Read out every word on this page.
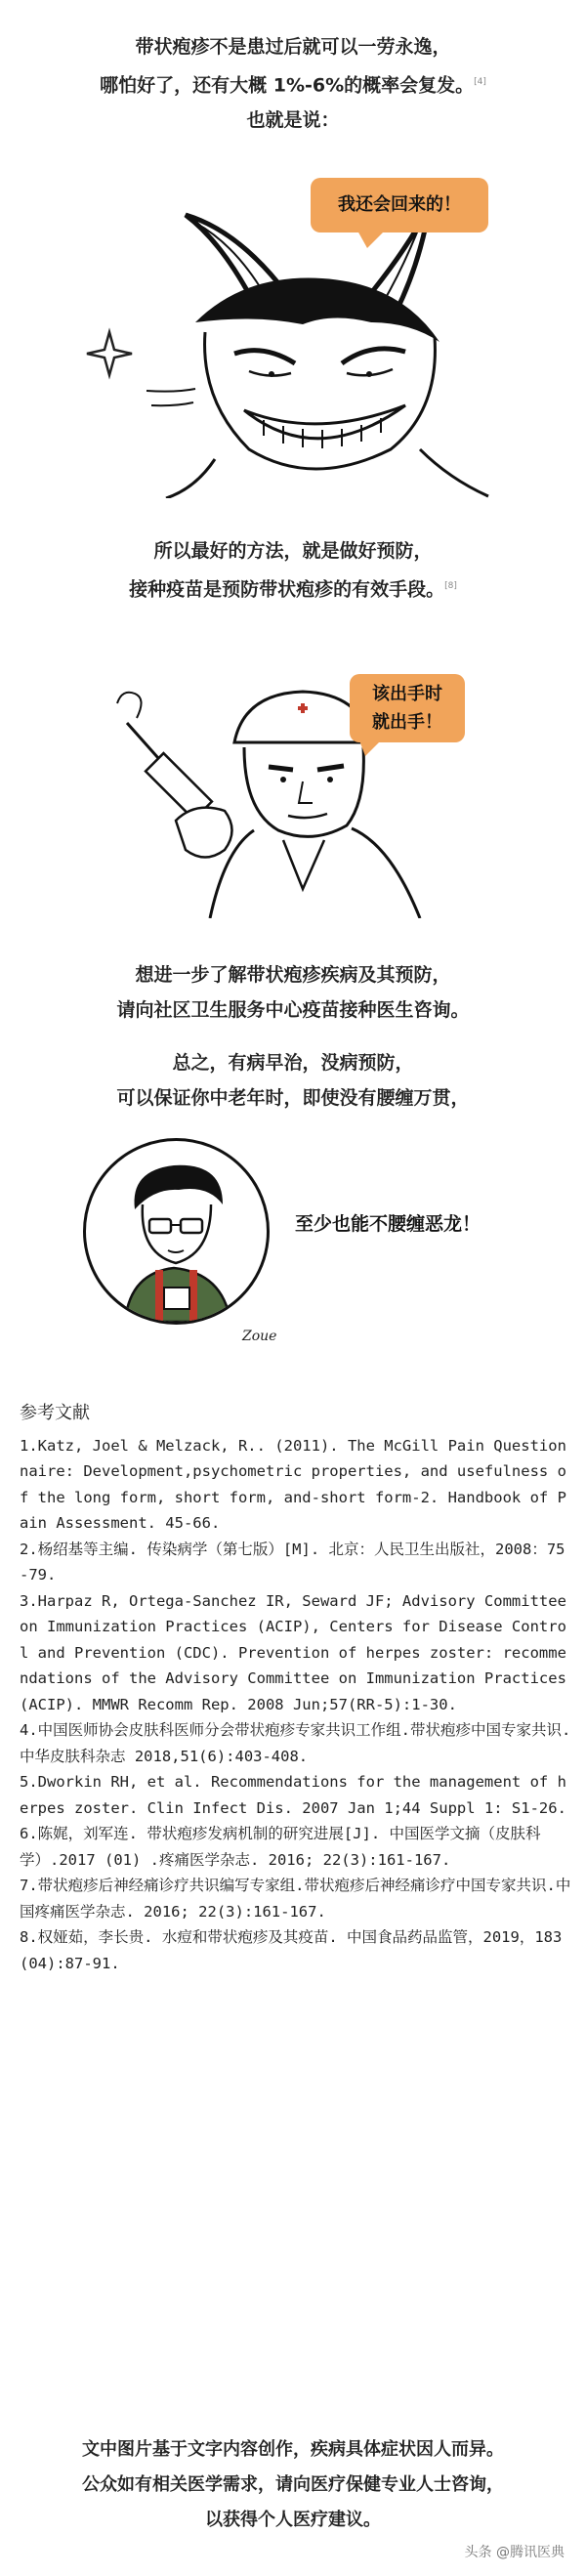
带状疱疹不是患过后就可以一劳永逸，
哪怕好了，还有大概 1%-6%的概率会复发。[4]
也就是说：
我还会回来的！
所以最好的方法，就是做好预防，
接种疫苗是预防带状疱疹的有效手段。[8]
该出手时
就出手！
想进一步了解带状疱疹疾病及其预防，
请向社区卫生服务中心疫苗接种医生咨询。
总之，有病早治，没病预防，
可以保证你中老年时，即使没有腰缠万贯，
至少也能不腰缠恶龙！
Zoue
参考文献
1.Katz, Joel & Melzack, R.. (2011). The McGill Pain Questionnaire: Development,psychometric properties, and usefulness of the long form, short form, and-short form-2. Handbook of Pain Assessment. 45-66.
2.杨绍基等主编. 传染病学（第七版）[M]. 北京：人民卫生出版社，2008：75-79.
3.Harpaz R, Ortega-Sanchez IR, Seward JF; Advisory Committee on Immunization Practices (ACIP), Centers for Disease Control and Prevention (CDC). Prevention of herpes zoster: recommendations of the Advisory Committee on Immunization Practices (ACIP). MMWR Recomm Rep. 2008 Jun;57(RR-5):1-30.
4.中国医师协会皮肤科医师分会带状疱疹专家共识工作组.带状疱疹中国专家共识.中华皮肤科杂志 2018,51(6):403-408.
5.Dworkin RH, et al. Recommendations for the management of herpes zoster. Clin Infect Dis. 2007 Jan 1;44 Suppl 1: S1-26.
6.陈娓，刘军连. 带状疱疹发病机制的研究进展[J]. 中国医学文摘（皮肤科学）.2017 (01) .疼痛医学杂志. 2016; 22(3):161-167.
7.带状疱疹后神经痛诊疗共识编写专家组.带状疱疹后神经痛诊疗中国专家共识.中国疼痛医学杂志. 2016; 22(3):161-167.
8.权娅茹，李长贵. 水痘和带状疱疹及其疫苗. 中国食品药品监管，2019，183(04):87-91.
文中图片基于文字内容创作，疾病具体症状因人而异。
公众如有相关医学需求，请向医疗保健专业人士咨询，
以获得个人医疗建议。
头条 @腾讯医典
